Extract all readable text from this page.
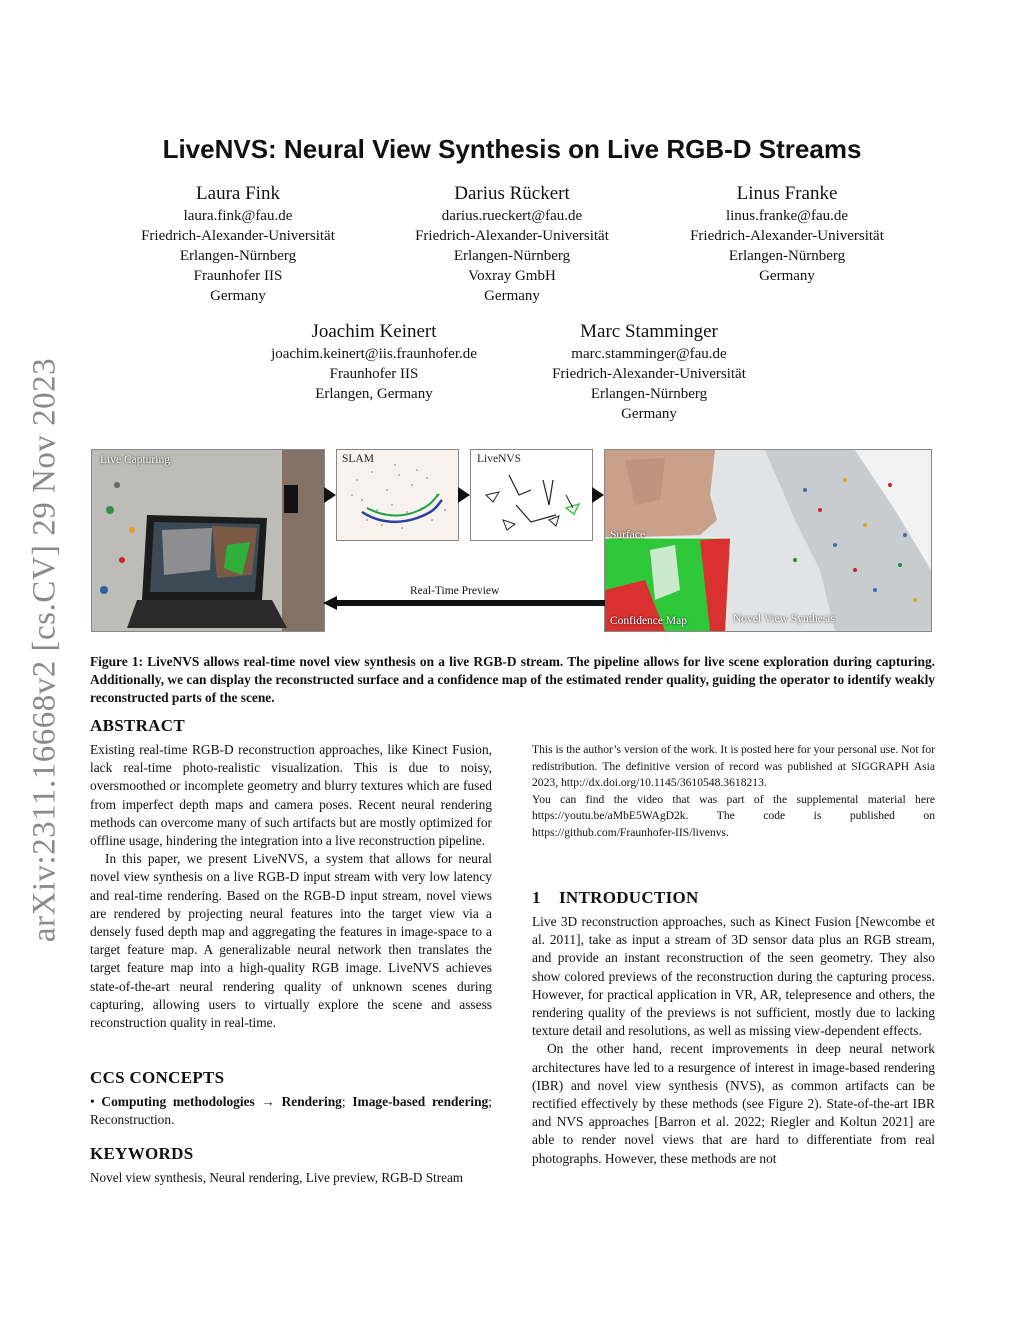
arXiv:2311.16668v2 [cs.CV] 29 Nov 2023
LiveNVS: Neural View Synthesis on Live RGB-D Streams
Laura Fink
laura.fink@fau.de
Friedrich-Alexander-Universität
Erlangen-Nürnberg
Fraunhofer IIS
Germany
Darius Rückert
darius.rueckert@fau.de
Friedrich-Alexander-Universität
Erlangen-Nürnberg
Voxray GmbH
Germany
Linus Franke
linus.franke@fau.de
Friedrich-Alexander-Universität
Erlangen-Nürnberg
Germany
Joachim Keinert
joachim.keinert@iis.fraunhofer.de
Fraunhofer IIS
Erlangen, Germany
Marc Stamminger
marc.stamminger@fau.de
Friedrich-Alexander-Universität
Erlangen-Nürnberg
Germany
Live Capturing	SLAM	LiveNVS
Surface
Confidence Map	Novel View Synthesis
Real-Time Preview
Figure 1: LiveNVS allows real-time novel view synthesis on a live RGB-D stream. The pipeline allows for live scene exploration during capturing. Additionally, we can display the reconstructed surface and a confidence map of the estimated render quality, guiding the operator to identify weakly reconstructed parts of the scene.
ABSTRACT

Existing real-time RGB-D reconstruction approaches, like Kinect Fusion, lack real-time photo-realistic visualization. This is due to noisy, oversmoothed or incomplete geometry and blurry textures which are fused from imperfect depth maps and camera poses. Recent neural rendering methods can overcome many of such artifacts but are mostly optimized for offline usage, hindering the integration into a live reconstruction pipeline.

In this paper, we present LiveNVS, a system that allows for neural novel view synthesis on a live RGB-D input stream with very low latency and real-time rendering. Based on the RGB-D input stream, novel views are rendered by projecting neural features into the target view via a densely fused depth map and aggregating the features in image-space to a target feature map. A generalizable neural network then translates the target feature map into a high-quality RGB image. LiveNVS achieves state-of-the-art neural rendering quality of unknown scenes during capturing, allowing users to virtually explore the scene and assess reconstruction quality in real-time.

CCS CONCEPTS
• Computing methodologies → Rendering; Image-based rendering; Reconstruction.
KEYWORDS
Novel view synthesis, Neural rendering, Live preview, RGB-D Stream

This is the author’s version of the work. It is posted here for your personal use. Not for redistribution. The definitive version of record was published at SIGGRAPH Asia 2023, http://dx.doi.org/10.1145/3610548.3618213.

You can find the video that was part of the supplemental material here https://youtu.be/aMbE5WAgD2k. The code is published on https://github.com/Fraunhofer-IIS/livenvs.

1    INTRODUCTION

Live 3D reconstruction approaches, such as Kinect Fusion [Newcombe et al. 2011], take as input a stream of 3D sensor data plus an RGB stream, and provide an instant reconstruction of the seen geometry. They also show colored previews of the reconstruction during the capturing process. However, for practical application in VR, AR, telepresence and others, the rendering quality of the previews is not sufficient, mostly due to lacking texture detail and resolutions, as well as missing view-dependent effects.

On the other hand, recent improvements in deep neural network architectures have led to a resurgence of interest in image-based rendering (IBR) and novel view synthesis (NVS), as common artifacts can be rectified effectively by these methods (see Figure 2). State-of-the-art IBR and NVS approaches [Barron et al. 2022; Riegler and Koltun 2021] are able to render novel views that are hard to differentiate from real photographs. However, these methods are not
